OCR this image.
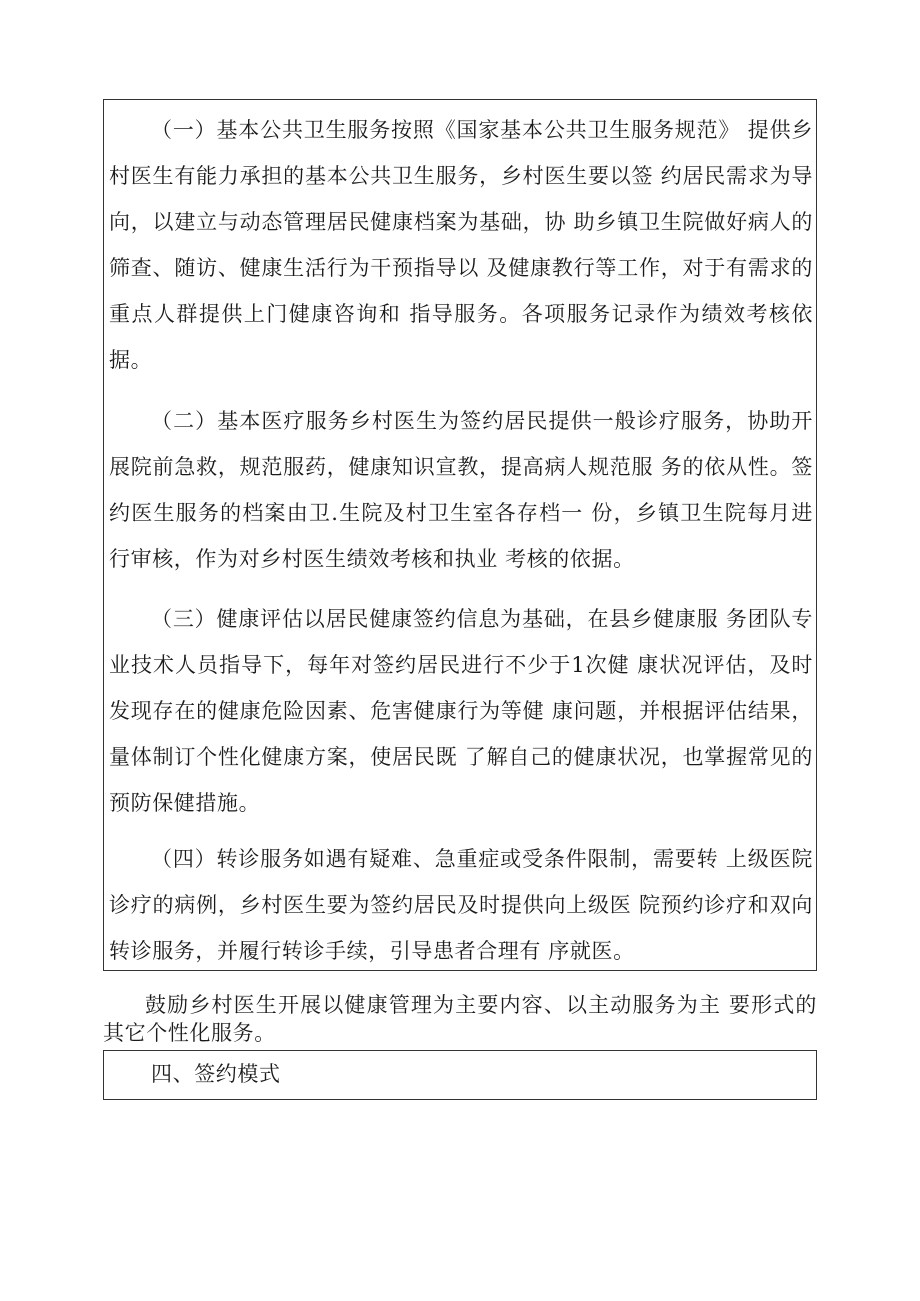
（一）基本公共卫生服务按照《国家基本公共卫生服务规范》 提供乡村医生有能力承担的基本公共卫生服务，乡村医生要以签 约居民需求为导向，以建立与动态管理居民健康档案为基础，协 助乡镇卫生院做好病人的筛查、随访、健康生活行为干预指导以 及健康教行等工作，对于有需求的重点人群提供上门健康咨询和 指导服务。各项服务记录作为绩效考核依据。

（二）基本医疗服务乡村医生为签约居民提供一般诊疗服务，协助开展院前急救，规范服药，健康知识宣教，提高病人规范服 务的依从性。签约医生服务的档案由卫.生院及村卫生室各存档一 份，乡镇卫生院每月进行审核，作为对乡村医生绩效考核和执业 考核的依据。

（三）健康评估以居民健康签约信息为基础，在县乡健康服 务团队专业技术人员指导下，每年对签约居民进行不少于1次健 康状况评估，及时发现存在的健康危险因素、危害健康行为等健 康问题，并根据评估结果，量体制订个性化健康方案，使居民既 了解自己的健康状况，也掌握常见的预防保健措施。

（四）转诊服务如遇有疑难、急重症或受条件限制，需要转 上级医院诊疗的病例，乡村医生要为签约居民及时提供向上级医 院预约诊疗和双向转诊服务，并履行转诊手续，引导患者合理有 序就医。

鼓励乡村医生开展以健康管理为主要内容、以主动服务为主 要形式的其它个性化服务。

四、签约模式
